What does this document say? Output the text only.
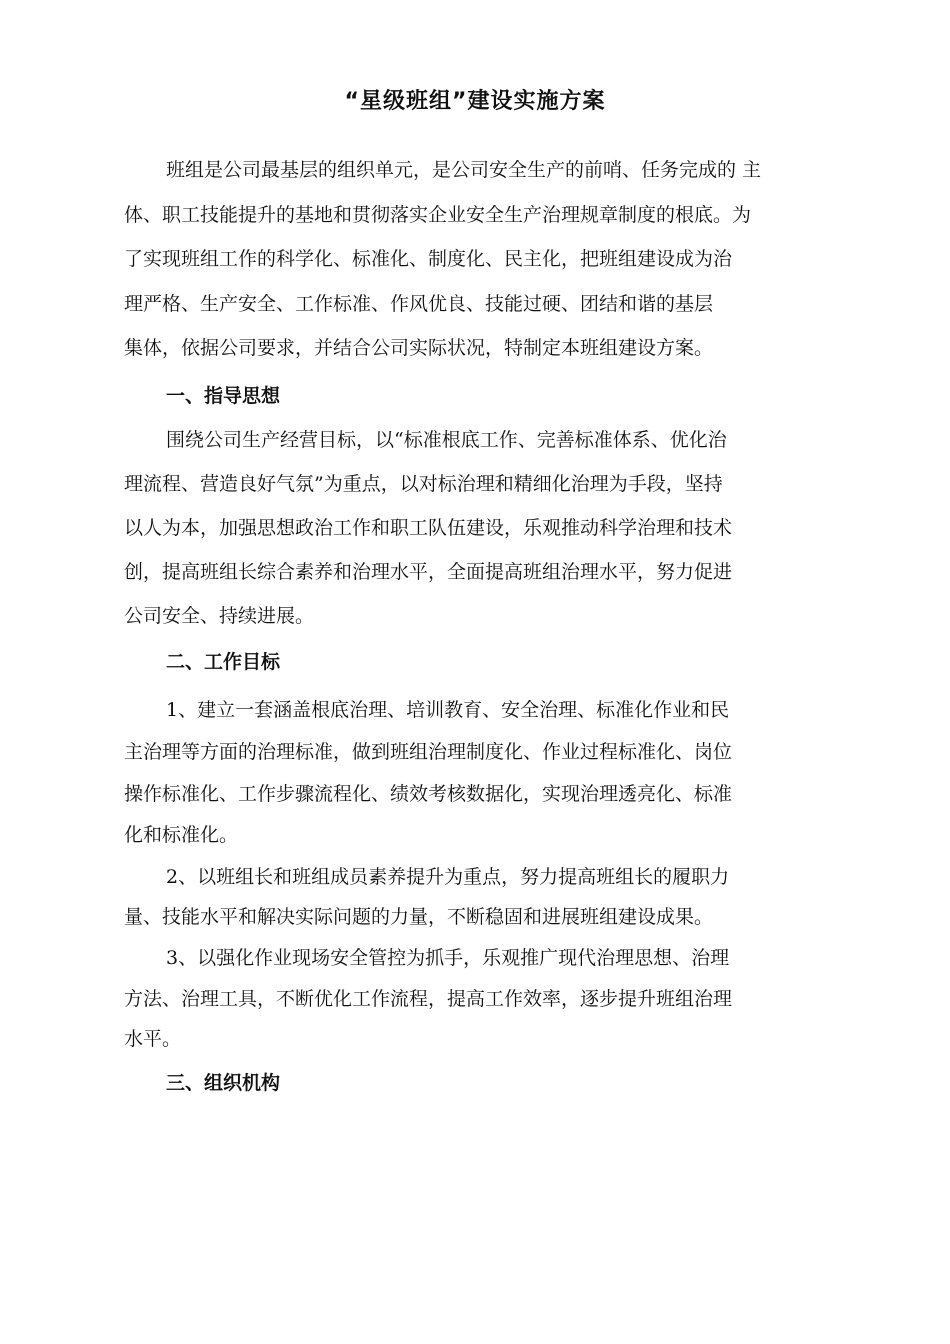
“星级班组”建设实施方案
班组是公司最基层的组织单元，是公司安全生产的前哨、任务完成的 主
体、职工技能提升的基地和贯彻落实企业安全生产治理规章制度的根底。为
了实现班组工作的科学化、标准化、制度化、民主化，把班组建设成为治
理严格、生产安全、工作标准、作风优良、技能过硬、团结和谐的基层
集体，依据公司要求，并结合公司实际状况，特制定本班组建设方案。
一、指导思想
围绕公司生产经营目标，以“标准根底工作、完善标准体系、优化治
理流程、营造良好气氛”为重点，以对标治理和精细化治理为手段，坚持
以人为本，加强思想政治工作和职工队伍建设，乐观推动科学治理和技术
创，提高班组长综合素养和治理水平，全面提高班组治理水平，努力促进
公司安全、持续进展。
二、工作目标
1、建立一套涵盖根底治理、培训教育、安全治理、标准化作业和民
主治理等方面的治理标准，做到班组治理制度化、作业过程标准化、岗位
操作标准化、工作步骤流程化、绩效考核数据化，实现治理透亮化、标准
化和标准化。
2、以班组长和班组成员素养提升为重点，努力提高班组长的履职力
量、技能水平和解决实际问题的力量，不断稳固和进展班组建设成果。
3、以强化作业现场安全管控为抓手，乐观推广现代治理思想、治理
方法、治理工具，不断优化工作流程，提高工作效率，逐步提升班组治理
水平。
三、组织机构
